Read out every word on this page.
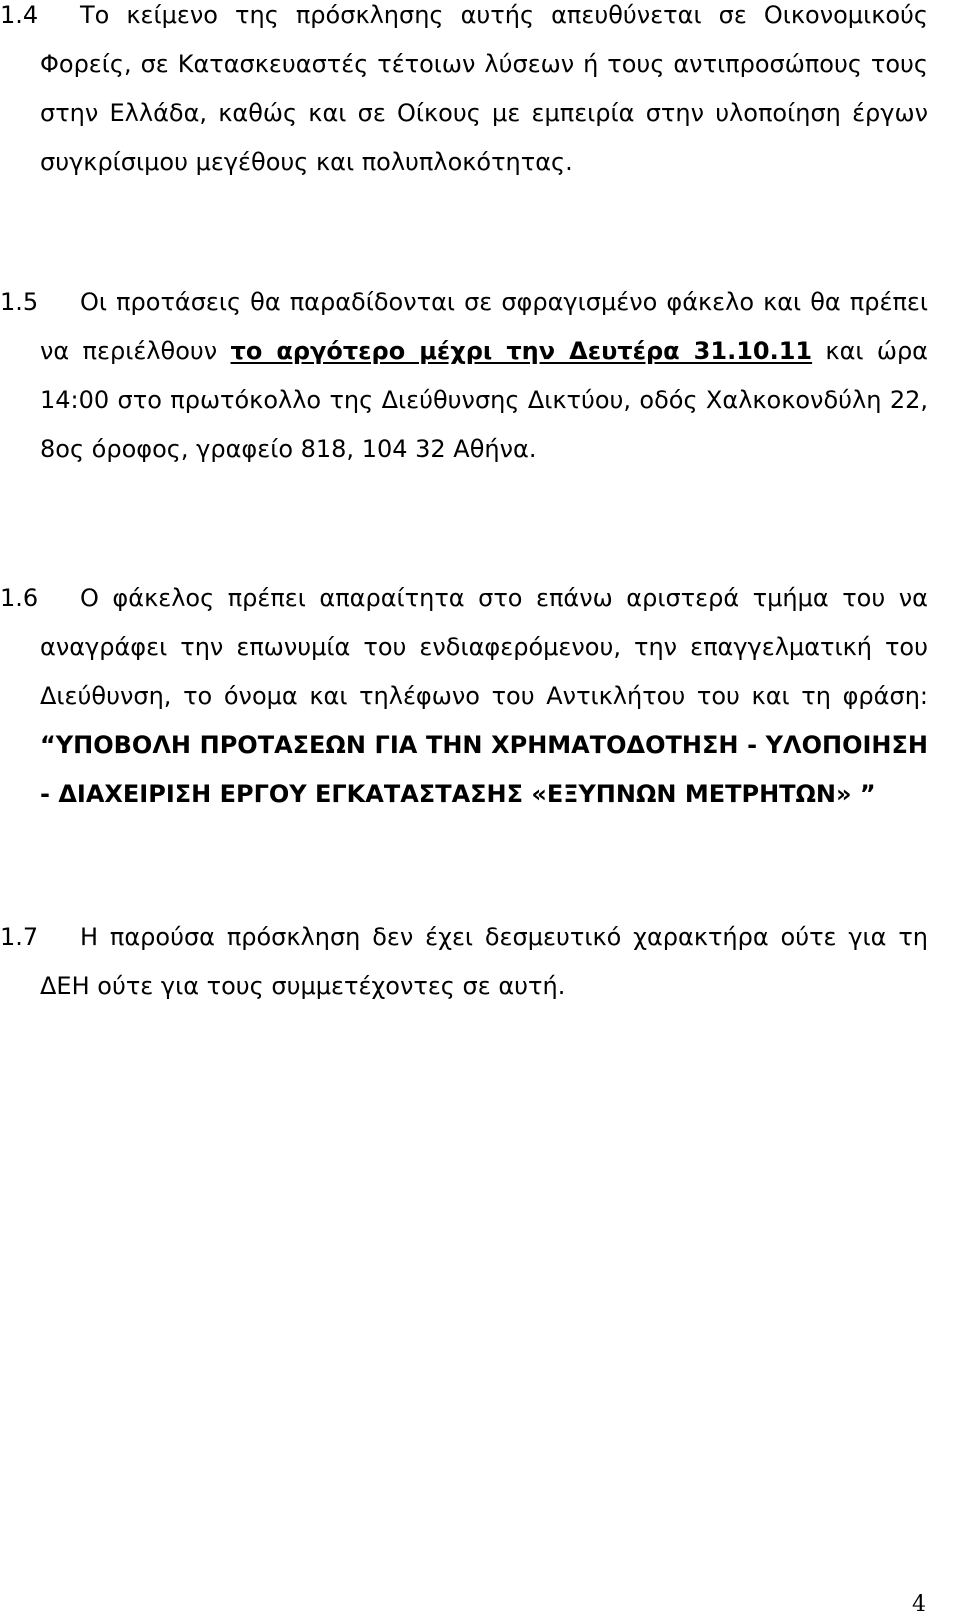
1.4 Το κείμενο της πρόσκλησης αυτής απευθύνεται σε Οικονομικούς Φορείς, σε Κατασκευαστές τέτοιων λύσεων ή τους αντιπροσώπους τους στην Ελλάδα, καθώς και σε Οίκους με εμπειρία στην υλοποίηση έργων συγκρίσιμου μεγέθους και πολυπλοκότητας.

1.5 Οι προτάσεις θα παραδίδονται σε σφραγισμένο φάκελο και θα πρέπει να περιέλθουν το αργότερο μέχρι την Δευτέρα 31.10.11 και ώρα 14:00 στο πρωτόκολλο της Διεύθυνσης Δικτύου, οδός Χαλκοκονδύλη 22, 8ος όροφος, γραφείο 818, 104 32 Αθήνα.

1.6 Ο φάκελος πρέπει απαραίτητα στο επάνω αριστερά τμήμα του να αναγράφει την επωνυμία του ενδιαφερόμενου, την επαγγελματική του Διεύθυνση, το όνομα και τηλέφωνο του Αντικλήτου του και τη φράση: “ΥΠΟΒΟΛΗ ΠΡΟΤΑΣΕΩΝ ΓΙΑ ΤΗΝ ΧΡΗΜΑΤΟΔΟΤΗΣΗ - ΥΛΟΠΟΙΗΣΗ - ΔΙΑΧΕΙΡΙΣΗ ΕΡΓΟΥ ΕΓΚΑΤΑΣΤΑΣΗΣ «ΕΞΥΠΝΩΝ ΜΕΤΡΗΤΩΝ» ”

1.7 Η παρούσα πρόσκληση δεν έχει δεσμευτικό χαρακτήρα ούτε για τη ΔΕΗ ούτε για τους συμμετέχοντες σε αυτή.

4
